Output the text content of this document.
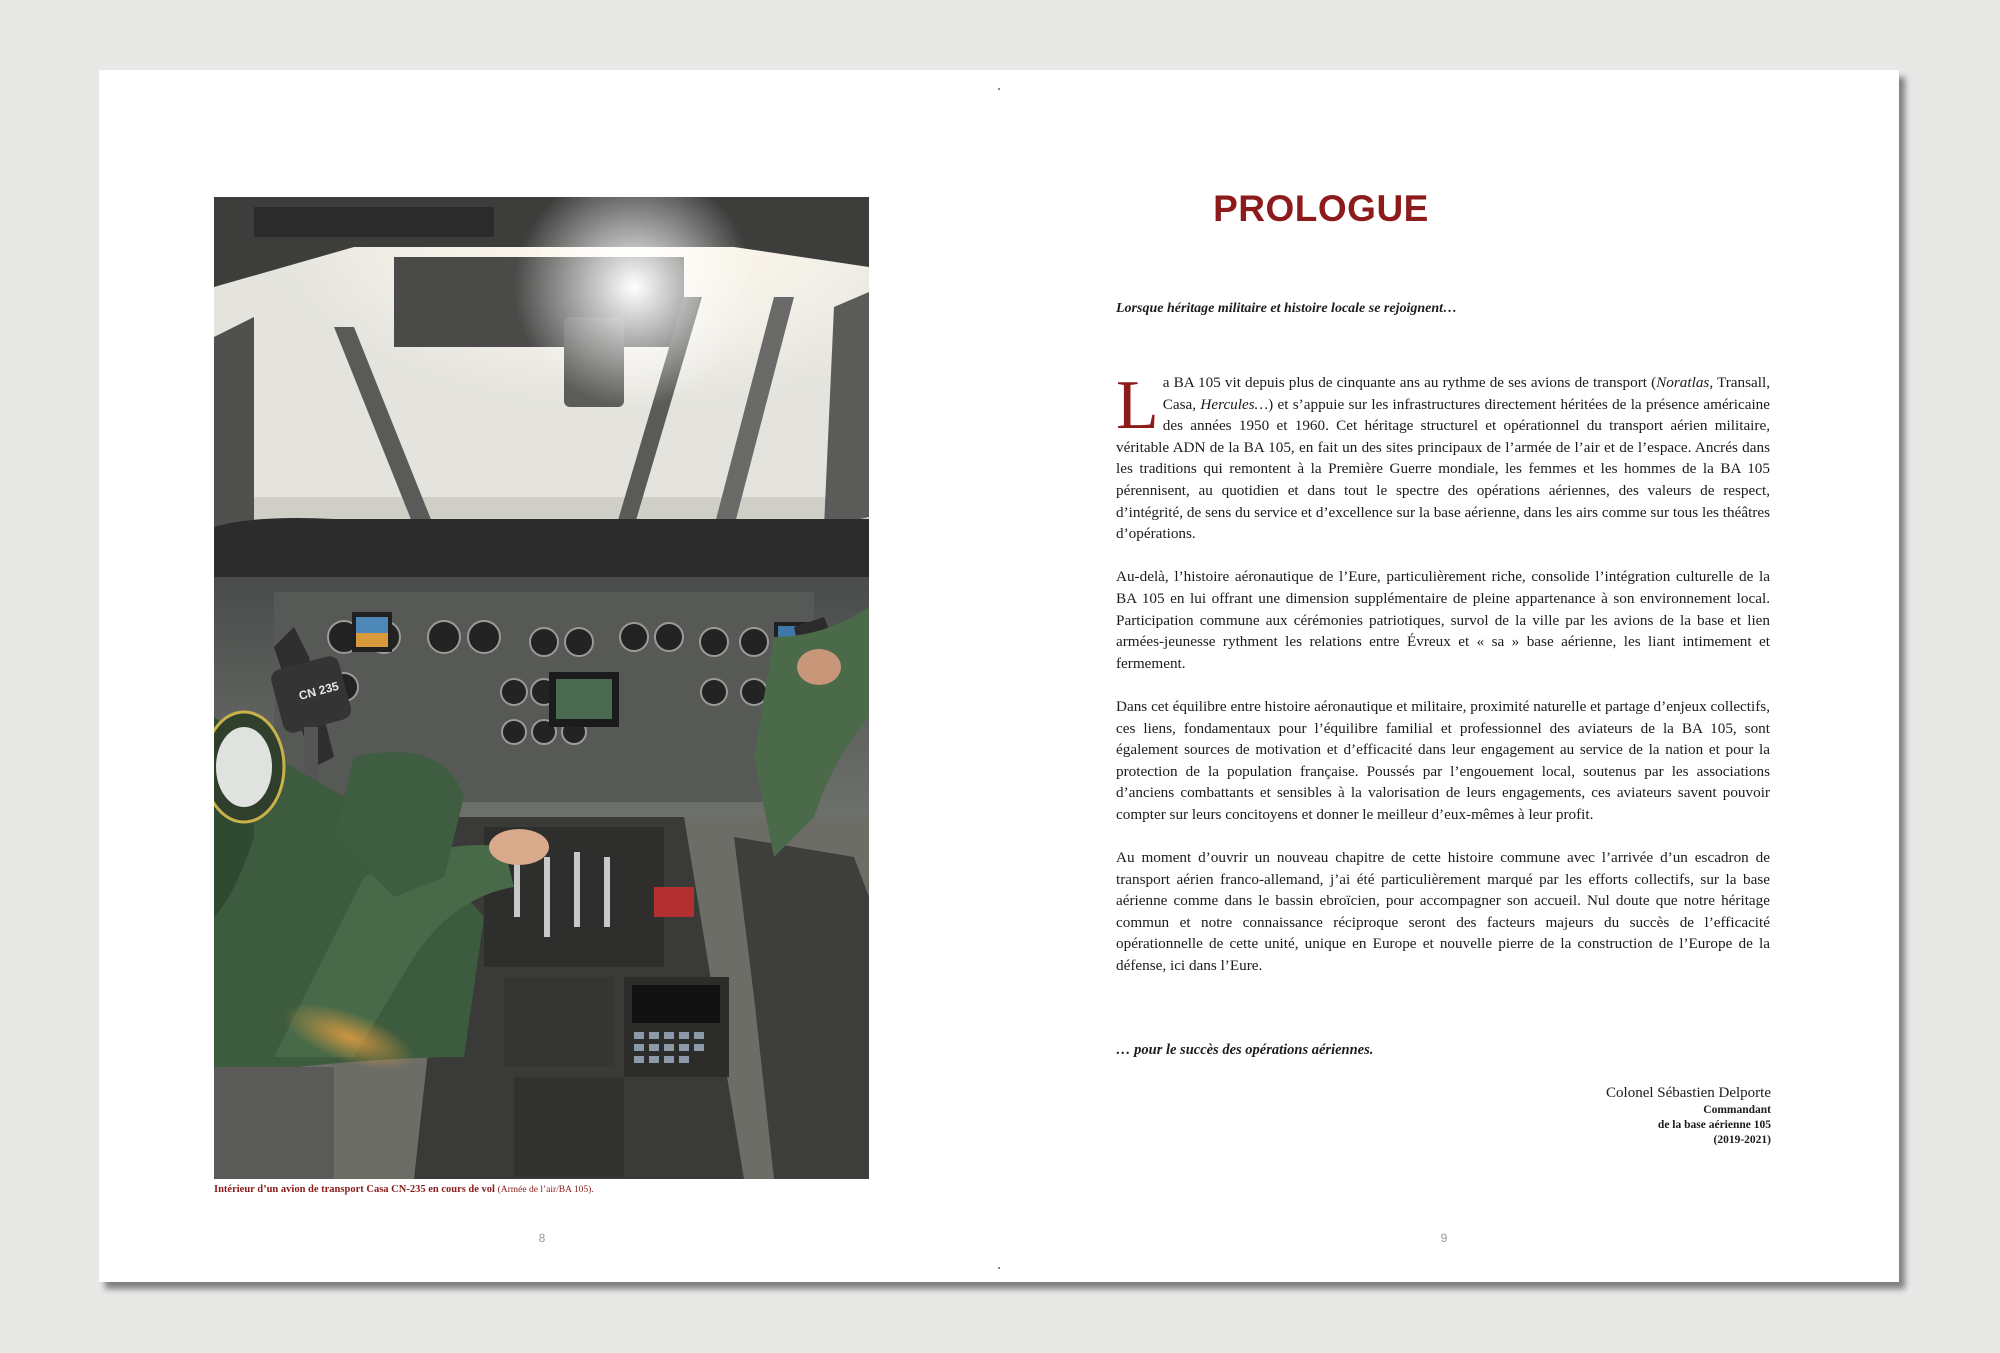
CN 235
Intérieur d’un avion de transport Casa CN-235 en cours de vol (Armée de l’air/BA 105).
8
PROLOGUE
Lorsque héritage militaire et histoire locale se rejoignent…

La BA 105 vit depuis plus de cinquante ans au rythme de ses avions de transport (Noratlas, Transall, Casa, Hercules…) et s’appuie sur les infrastructures directement héritées de la présence américaine des années 1950 et 1960. Cet héritage structurel et opérationnel du transport aérien militaire, véritable ADN de la BA 105, en fait un des sites principaux de l’armée de l’air et de l’espace. Ancrés dans les traditions qui remontent à la Première Guerre mondiale, les femmes et les hommes de la BA 105 pérennisent, au quotidien et dans tout le spectre des opérations aériennes, des valeurs de respect, d’intégrité, de sens du service et d’excellence sur la base aérienne, dans les airs comme sur tous les théâtres d’opérations.

Au-delà, l’histoire aéronautique de l’Eure, particulièrement riche, consolide l’intégration culturelle de la BA 105 en lui offrant une dimension supplémentaire de pleine appartenance à son environnement local. Participation commune aux cérémonies patriotiques, survol de la ville par les avions de la base et lien armées-jeunesse rythment les relations entre Évreux et « sa » base aérienne, les liant intimement et fermement.

Dans cet équilibre entre histoire aéronautique et militaire, proximité naturelle et partage d’enjeux collectifs, ces liens, fondamentaux pour l’équilibre familial et professionnel des aviateurs de la BA 105, sont également sources de motivation et d’efficacité dans leur engagement au service de la nation et pour la protection de la population française. Poussés par l’engouement local, soutenus par les associations d’anciens combattants et sensibles à la valorisation de leurs engagements, ces aviateurs savent pouvoir compter sur leurs concitoyens et donner le meilleur d’eux-mêmes à leur profit.

Au moment d’ouvrir un nouveau chapitre de cette histoire commune avec l’arrivée d’un escadron de transport aérien franco-allemand, j’ai été particulièrement marqué par les efforts collectifs, sur la base aérienne comme dans le bassin ebroïcien, pour accompagner son accueil. Nul doute que notre héritage commun et notre connaissance réciproque seront des facteurs majeurs du succès de l’efficacité opérationnelle de cette unité, unique en Europe et nouvelle pierre de la construction de l’Europe de la défense, ici dans l’Eure.

… pour le succès des opérations aériennes.
Colonel Sébastien Delporte
Commandant
de la base aérienne 105
(2019-2021)
9
